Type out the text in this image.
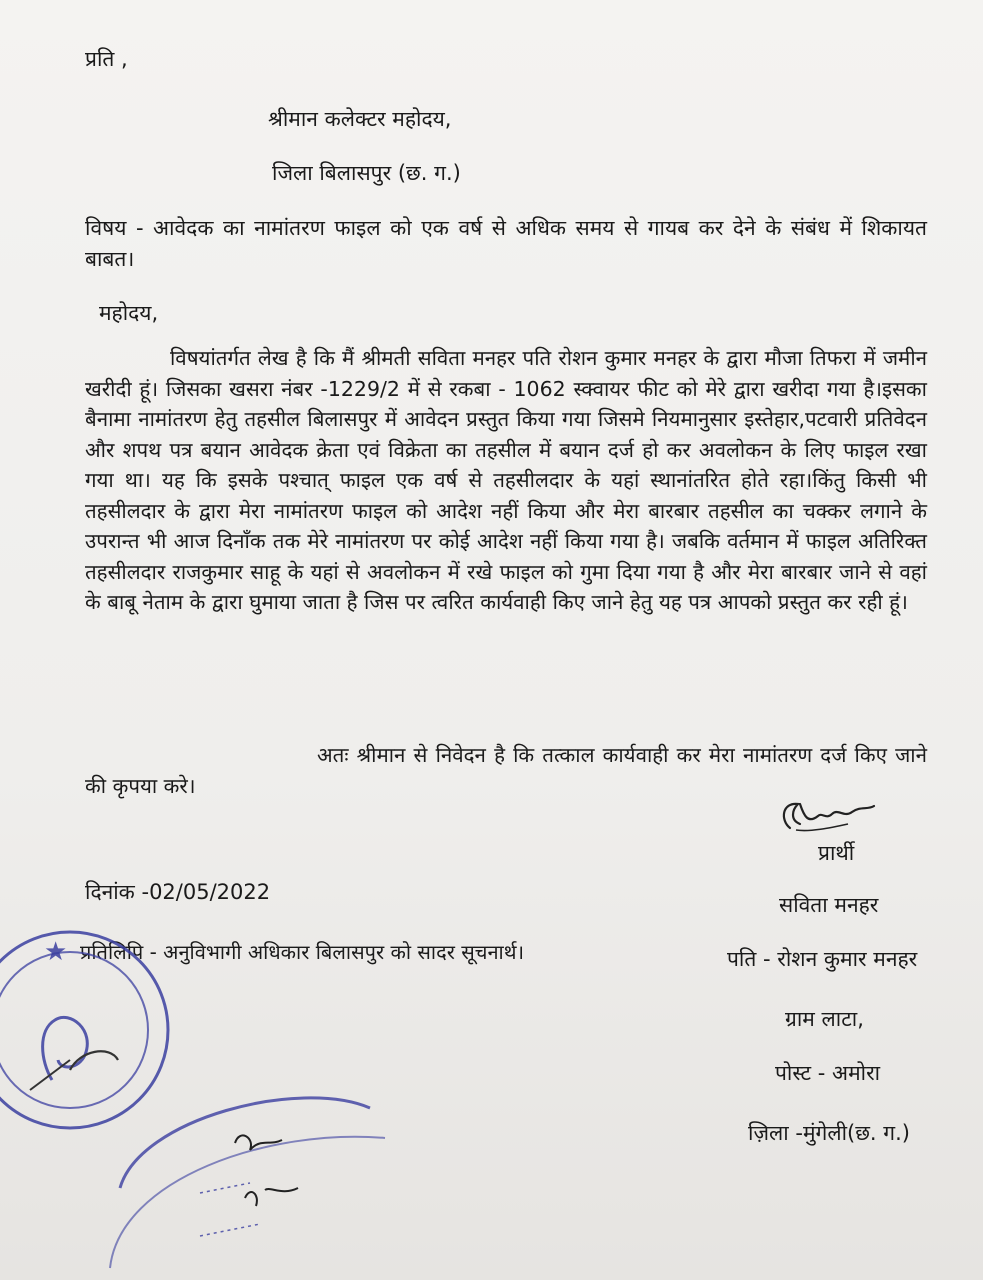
प्रति ,
श्रीमान कलेक्टर महोदय,
जिला बिलासपुर (छ. ग.)
विषय - आवेदक का नामांतरण फाइल को एक वर्ष से अधिक समय से गायब कर देने के संबंध में शिकायत बाबत।
महोदय,
विषयांतर्गत लेख है कि मैं श्रीमती सविता मनहर पति रोशन कुमार मनहर के द्वारा मौजा तिफरा में जमीन खरीदी हूं। जिसका खसरा नंबर -1229/2 में से रकबा - 1062 स्क्वायर फीट को मेरे द्वारा खरीदा गया है।इसका बैनामा नामांतरण हेतु तहसील बिलासपुर में आवेदन प्रस्तुत किया गया जिसमे नियमानुसार इस्तेहार,पटवारी प्रतिवेदन और शपथ पत्र बयान आवेदक क्रेता एवं विक्रेता का तहसील में बयान दर्ज हो कर अवलोकन के लिए फाइल रखा गया था। यह कि इसके पश्चात् फाइल एक वर्ष से तहसीलदार के यहां स्थानांतरित होते रहा।किंतु किसी भी तहसीलदार के द्वारा मेरा नामांतरण फाइल को आदेश नहीं किया और मेरा बारबार तहसील का चक्कर लगाने के उपरान्त भी आज दिनाँक तक मेरे नामांतरण पर कोई आदेश नहीं किया गया है। जबकि वर्तमान में फाइल अतिरिक्त तहसीलदार राजकुमार साहू के यहां से अवलोकन में रखे फाइल को गुमा दिया गया है और मेरा बारबार जाने से वहां के बाबू नेताम के द्वारा घुमाया जाता है जिस पर त्वरित कार्यवाही किए जाने हेतु यह पत्र आपको प्रस्तुत कर रही हूं।
अतः श्रीमान से निवेदन है कि तत्काल कार्यवाही कर मेरा नामांतरण दर्ज किए जाने की कृपया करे।
दिनांक -02/05/2022
प्रतिलिपि - अनुविभागी अधिकार बिलासपुर को सादर सूचनार्थ।
प्रार्थी
सविता मनहर
पति - रोशन कुमार मनहर
ग्राम लाटा,
पोस्ट - अमोरा
ज़िला -मुंगेली(छ. ग.)
★
